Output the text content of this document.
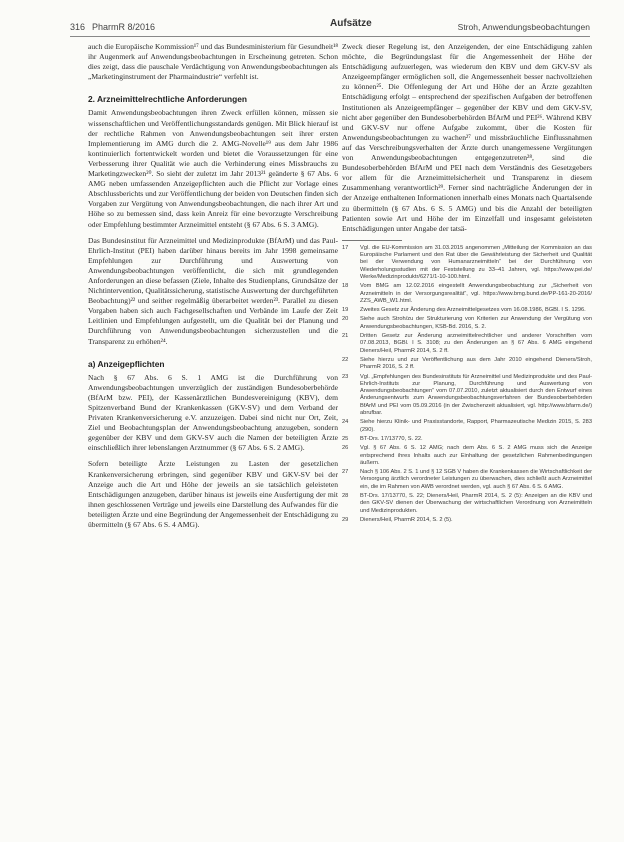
316 PharmR 8/2016	Aufsätze	Stroh, Anwendungsbeobachtungen

auch die Europäische Kommission¹⁷ und das Bundesministerium für Gesundheit¹⁸ ihr Augenmerk auf Anwendungsbeobachtungen in Erscheinung getreten. Schon dies zeigt, dass die pauschale Verdächtigung von Anwendungsbeobachtungen als „Marketinginstrument der Pharmaindustrie“ verfehlt ist.

2. Arzneimittelrechtliche Anforderungen

Damit Anwendungsbeobachtungen ihren Zweck erfüllen können, müssen sie wissenschaftlichen und Veröffentlichungsstandards genügen. Mit Blick hierauf ist der rechtliche Rahmen von Anwendungsbeobachtungen seit ihrer ersten Implementierung im AMG durch die 2. AMG-Novelle¹⁹ aus dem Jahr 1986 kontinuierlich fortentwickelt worden und bietet die Voraussetzungen für eine Verbesserung ihrer Qualität wie auch die Verhinderung eines Missbrauchs zu Marketingzwecken²⁰. So sieht der zuletzt im Jahr 2013²¹ geänderte § 67 Abs. 6 AMG neben umfassenden Anzeigepflichten auch die Pflicht zur Vorlage eines Abschlussberichts und zur Veröffentlichung der beiden von Deutschen finden sich Vorgaben zur Vergütung von Anwendungsbeobachtungen, die nach ihrer Art und Höhe so zu bemessen sind, dass kein Anreiz für eine bevorzugte Verschreibung oder Empfehlung bestimmter Arzneimittel entsteht (§ 67 Abs. 6 S. 3 AMG).

Das Bundesinstitut für Arzneimittel und Medizinprodukte (BfArM) und das Paul-Ehrlich-Institut (PEI) haben darüber hinaus bereits im Jahr 1998 gemeinsame Empfehlungen zur Durchführung und Auswertung von Anwendungsbeobachtungen veröffentlicht, die sich mit grundlegenden Anforderungen an diese befassen (Ziele, Inhalte des Studienplans, Grundsätze der Nichtintervention, Qualitätssicherung, statistische Auswertung der durchgeführten Beobachtung)²² und seither regelmäßig überarbeitet werden²³. Parallel zu diesen Vorgaben haben sich auch Fachgesellschaften und Verbände im Laufe der Zeit Leitlinien und Empfehlungen aufgestellt, um die Qualität bei der Planung und Durchführung von Anwendungsbeobachtungen sicherzustellen und die Transparenz zu erhöhen²⁴.

a) Anzeigepflichten

Nach § 67 Abs. 6 S. 1 AMG ist die Durchführung von Anwendungsbeobachtungen unverzüglich der zuständigen Bundesoberbehörde (BfArM bzw. PEI), der Kassenärztlichen Bundesvereinigung (KBV), dem Spitzenverband Bund der Krankenkassen (GKV-SV) und dem Verband der Privaten Krankenversicherung e.V. anzuzeigen. Dabei sind nicht nur Ort, Zeit, Ziel und Beobachtungsplan der Anwendungsbeobachtung anzugeben, sondern gegenüber der KBV und dem GKV-SV auch die Namen der beteiligten Ärzte einschließlich ihrer lebenslangen Arztnummer (§ 67 Abs. 6 S. 2 AMG).

Sofern beteiligte Ärzte Leistungen zu Lasten der gesetzlichen Krankenversicherung erbringen, sind gegenüber KBV und GKV-SV bei der Anzeige auch die Art und Höhe der jeweils an sie tatsächlich geleisteten Entschädigungen anzugeben, darüber hinaus ist jeweils eine Ausfertigung der mit ihnen geschlossenen Verträge und jeweils eine Darstellung des Aufwandes für die beteiligten Ärzte und eine Begründung der Angemessenheit der Entschädigung zu übermitteln (§ 67 Abs. 6 S. 4 AMG).

Zweck dieser Regelung ist, den Anzeigenden, der eine Entschädigung zahlen möchte, die Begründungslast für die Angemessenheit der Höhe der Entschädigung aufzuerlegen, was wiederum den KBV und dem GKV-SV als Anzeigeempfänger ermöglichen soll, die Angemessenheit besser nachvollziehen zu können²⁵. Die Offenlegung der Art und Höhe der an Ärzte gezahlten Entschädigung erfolgt – entsprechend der spezifischen Aufgaben der betroffenen Institutionen als Anzeigeempfänger – gegenüber der KBV und dem GKV-SV, nicht aber gegenüber den Bundesoberbehörden BfArM und PEI²⁶. Während KBV und GKV-SV nur offene Aufgabe zukommt, über die Kosten für Anwendungsbeobachtungen zu wachen²⁷ und missbräuchliche Einflussnahmen auf das Verschreibungsverhalten der Ärzte durch unangemessene Vergütungen von Anwendungsbeobachtungen entgegenzutreten²⁸, sind die Bundesoberbehörden BfArM und PEI nach dem Verständnis des Gesetzgebers vor allem für die Arzneimittelsicherheit und Transparenz in diesem Zusammenhang verantwortlich²⁹. Ferner sind nachträgliche Änderungen der in der Anzeige enthaltenen Informationen innerhalb eines Monats nach Quartalsende zu übermitteln (§ 67 Abs. 6 S. 5 AMG) und bis die Anzahl der beteiligten Patienten sowie Art und Höhe der im Einzelfall und insgesamt geleisteten Entschädigungen unter Angabe der tatsä-

17	Vgl. die EU-Kommission am 31.03.2015 angenommen „Mitteilung der Kommission an das Europäische Parlament und den Rat über die Gewährleistung der Sicherheit und Qualität bei der Verwendung von Humanarzneimitteln“ bei der Durchführung von Wiederholungsstudien mit der Feststellung zu 33–41 Jahren, vgl. https://www.pei.de/ Werke/Medizinproduktr/6271/1-10-100.html.
18	Vom BMG am 12.02.2016 eingestellt Anwendungsbeobachtung zur „Sicherheit von Arzneimitteln in der Versorgungsrealität“, vgl. https://www.bmg.bund.de/PP-161-20-2016/ ZZS_AWB_W1.html.
19	Zweites Gesetz zur Änderung des Arzneimittelgesetzes vom 16.08.1986, BGBl. I S. 1296.
20	Siehe auch Stroh/zu der Strukturierung von Kriterien zur Anwendung der Vergütung von Anwendungsbeobachtungen, KSB-Bd. 2016, S. 2.
21	Dritten Gesetz zur Änderung arzneimittelrechtlicher und anderer Vorschriften vom 07.08.2013, BGBl. I S. 3108; zu den Änderungen an § 67 Abs. 6 AMG eingehend Dieners/Heil, PharmR 2014, S. 2 ff.
22	Siehe hierzu und zur Veröffentlichung aus dem Jahr 2010 eingehend Dieners/Stroh, PharmR 2016, S. 2 ff.
23	Vgl. „Empfehlungen des Bundesinstituts für Arzneimittel und Medizinprodukte und des Paul-Ehrlich-Instituts zur Planung, Durchführung und Auswertung von Anwendungsbeobachtungen“ vom 07.07.2010, zuletzt aktualisiert durch den Entwurf eines Änderungsentwurfs zum Anwendungsbeobachtungsverfahren der Bundesoberbehörden BfArM und PEI vom 05.09.2016 (in der Zwischenzeit aktualisiert, vgl. http://www.bfarm.de/) abrufbar.
24	Siehe hierzu Klinik- und Praxisstandorte, Rapport, Pharmazeutische Medizin 2015, S. 283 (290).
25	BT-Drs. 17/13770, S. 22.
26	Vgl. § 67 Abs. 6 S. 12 AMG; nach dem Abs. 6 S. 2 AMG muss sich die Anzeige entsprechend ihres Inhalts auch zur Einhaltung der gesetzlichen Rahmenbedingungen äußern.
27	Nach § 106 Abs. 2 S. 1 und § 12 SGB V haben die Krankenkassen die Wirtschaftlichkeit der Versorgung ärztlich verordneter Leistungen zu überwachen, dies schließt auch Arzneimittel ein, die im Rahmen von AWB verordnet werden, vgl. auch § 67 Abs. 6 S. 6 AMG.
28	BT-Drs. 17/13770, S. 22; Dieners/Heil, PharmR 2014, S. 2 (5): Anzeigen an die KBV und den GKV-SV dienen der Überwachung der wirtschaftlichen Verordnung von Arzneimitteln und Medizinprodukten.
29	Dieners/Heil, PharmR 2014, S. 2 (5).
